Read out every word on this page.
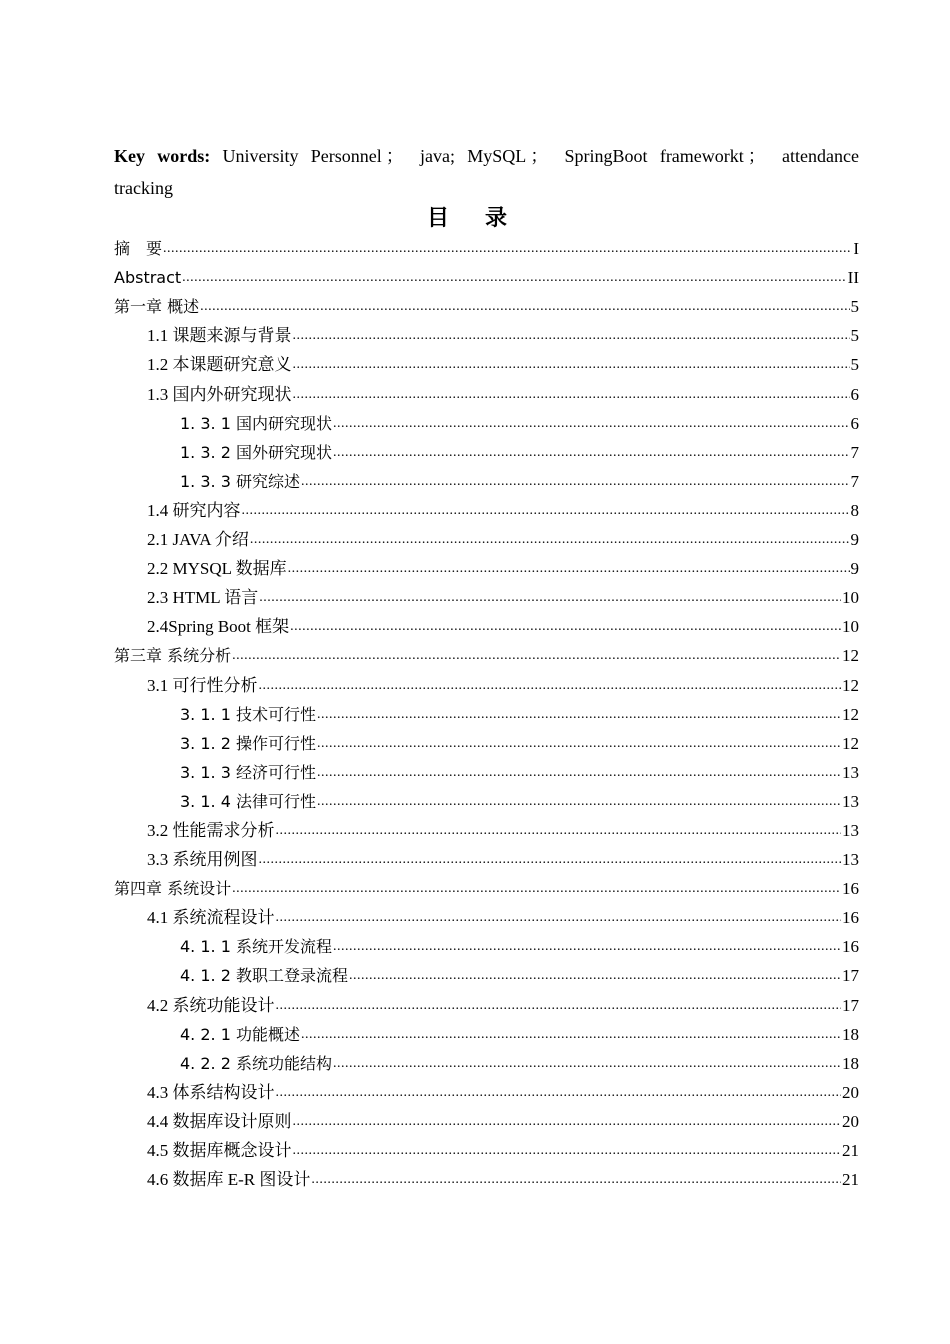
Key words: University Personnel ； java; MySQL ； SpringBoot frameworkt ； attendance tracking
目录
摘　要 .....	I
Abstract .....	II
第一章 概述 .....	5
1.1 课题来源与背景 .....	5
1.2 本课题研究意义 .....	5
1.3 国内外研究现状 .....	6
1. 3. 1 国内研究现状 .....	6
1. 3. 2 国外研究现状 .....	7
1. 3. 3 研究综述 .....	7
1.4 研究内容 .....	8
2.1 JAVA 介绍 .....	9
2.2 MYSQL 数据库 .....	9
2.3 HTML 语言 .....	10
2.4Spring Boot 框架 .....	10
第三章 系统分析 .....	12
3.1 可行性分析 .....	12
3. 1. 1 技术可行性 .....	12
3. 1. 2 操作可行性 .....	12
3. 1. 3 经济可行性 .....	13
3. 1. 4 法律可行性 .....	13
3.2 性能需求分析 .....	13
3.3 系统用例图 .....	13
第四章 系统设计 .....	16
4.1 系统流程设计 .....	16
4. 1. 1 系统开发流程 .....	16
4. 1. 2 教职工登录流程 .....	17
4.2 系统功能设计 .....	17
4. 2. 1 功能概述 .....	18
4. 2. 2 系统功能结构 .....	18
4.3 体系结构设计 .....	20
4.4 数据库设计原则 .....	20
4.5 数据库概念设计 .....	21
4.6 数据库 E-R 图设计 .....	21
